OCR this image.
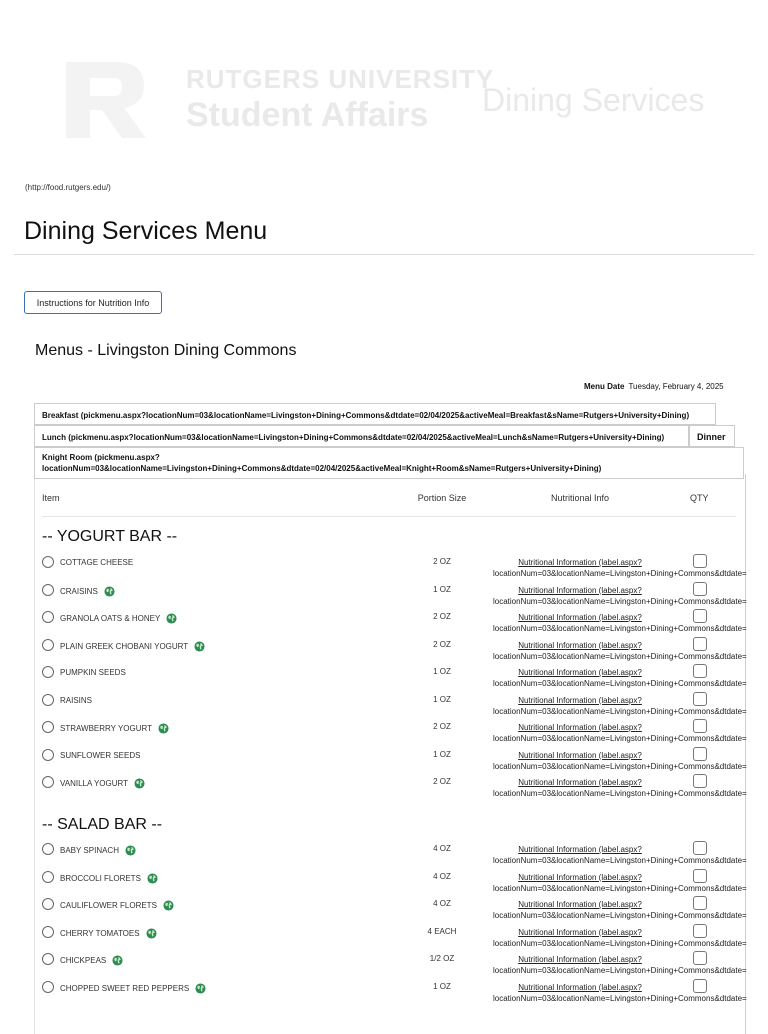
RUTGERS UNIVERSITY
Student Affairs Dining Services
(http://food.rutgers.edu/)
Dining Services Menu
Instructions for Nutrition Info
Menus - Livingston Dining Commons
Menu Date Tuesday, February 4, 2025
Breakfast (pickmenu.aspx?locationNum=03&locationName=Livingston+Dining+Commons&dtdate=02/04/2025&activeMeal=Breakfast&sName=Rutgers+University+Dining)
Lunch (pickmenu.aspx?locationNum=03&locationName=Livingston+Dining+Commons&dtdate=02/04/2025&activeMeal=Lunch&sName=Rutgers+University+Dining)	Dinner
Knight Room (pickmenu.aspx?
locationNum=03&locationName=Livingston+Dining+Commons&dtdate=02/04/2025&activeMeal=Knight+Room&sName=Rutgers+University+Dining)
Item	Portion Size	Nutritional Info	QTY
-- YOGURT BAR --
COTTAGE CHEESE	2 OZ	Nutritional Information (label.aspx?
locationNum=03&locationName=Livingston+Dining+Commons&dtdate=
CRAISINS	1 OZ	Nutritional Information (label.aspx?
locationNum=03&locationName=Livingston+Dining+Commons&dtdate=
GRANOLA OATS & HONEY	2 OZ	Nutritional Information (label.aspx?
locationNum=03&locationName=Livingston+Dining+Commons&dtdate=
PLAIN GREEK CHOBANI YOGURT	2 OZ	Nutritional Information (label.aspx?
locationNum=03&locationName=Livingston+Dining+Commons&dtdate=
PUMPKIN SEEDS	1 OZ	Nutritional Information (label.aspx?
locationNum=03&locationName=Livingston+Dining+Commons&dtdate=
RAISINS	1 OZ	Nutritional Information (label.aspx?
locationNum=03&locationName=Livingston+Dining+Commons&dtdate=
STRAWBERRY YOGURT	2 OZ	Nutritional Information (label.aspx?
locationNum=03&locationName=Livingston+Dining+Commons&dtdate=
SUNFLOWER SEEDS	1 OZ	Nutritional Information (label.aspx?
locationNum=03&locationName=Livingston+Dining+Commons&dtdate=
VANILLA YOGURT	2 OZ	Nutritional Information (label.aspx?
locationNum=03&locationName=Livingston+Dining+Commons&dtdate=
-- SALAD BAR --
BABY SPINACH	4 OZ	Nutritional Information (label.aspx?
locationNum=03&locationName=Livingston+Dining+Commons&dtdate=
BROCCOLI FLORETS	4 OZ	Nutritional Information (label.aspx?
locationNum=03&locationName=Livingston+Dining+Commons&dtdate=
CAULIFLOWER FLORETS	4 OZ	Nutritional Information (label.aspx?
locationNum=03&locationName=Livingston+Dining+Commons&dtdate=
CHERRY TOMATOES	4 EACH	Nutritional Information (label.aspx?
locationNum=03&locationName=Livingston+Dining+Commons&dtdate=
CHICKPEAS	1/2 OZ	Nutritional Information (label.aspx?
locationNum=03&locationName=Livingston+Dining+Commons&dtdate=
CHOPPED SWEET RED PEPPERS	1 OZ	Nutritional Information (label.aspx?
locationNum=03&locationName=Livingston+Dining+Commons&dtdate=
